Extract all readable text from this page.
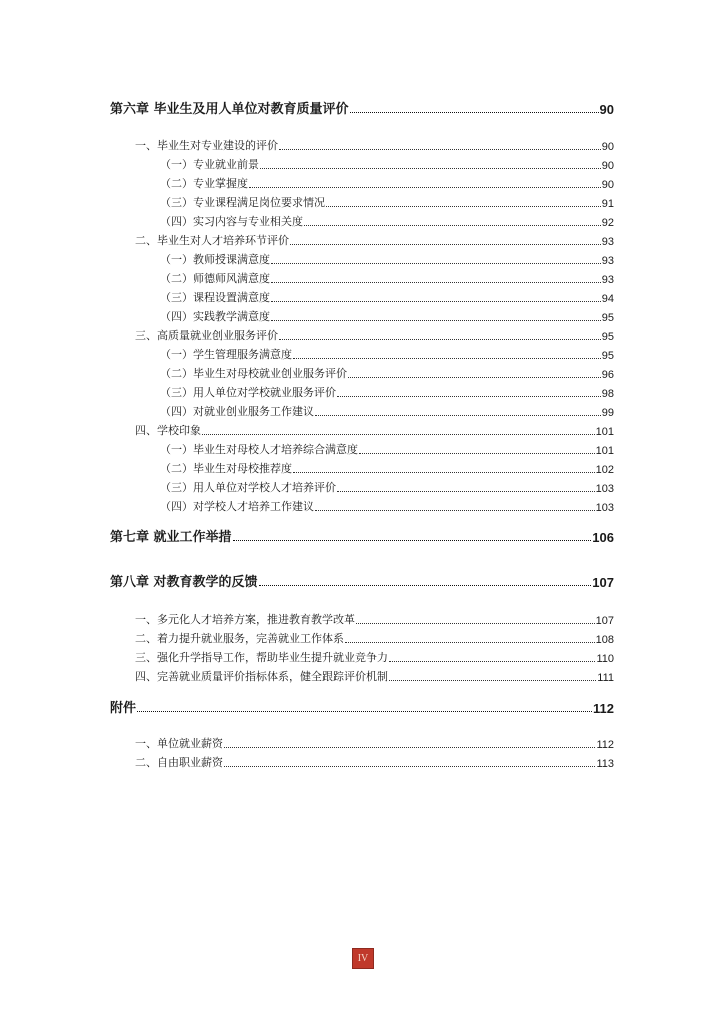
第六章 毕业生及用人单位对教育质量评价	90
一、毕业生对专业建设的评价	90
（一）专业就业前景	90
（二）专业掌握度	90
（三）专业课程满足岗位要求情况	91
（四）实习内容与专业相关度	92
二、毕业生对人才培养环节评价	93
（一）教师授课满意度	93
（二）师德师风满意度	93
（三）课程设置满意度	94
（四）实践教学满意度	95
三、高质量就业创业服务评价	95
（一）学生管理服务满意度	95
（二）毕业生对母校就业创业服务评价	96
（三）用人单位对学校就业服务评价	98
（四）对就业创业服务工作建议	99
四、学校印象	101
（一）毕业生对母校人才培养综合满意度	101
（二）毕业生对母校推荐度	102
（三）用人单位对学校人才培养评价	103
（四）对学校人才培养工作建议	103
第七章 就业工作举措	106
第八章 对教育教学的反馈	107
一、多元化人才培养方案，推进教育教学改革	107
二、着力提升就业服务，完善就业工作体系	108
三、强化升学指导工作，帮助毕业生提升就业竞争力	110
四、完善就业质量评价指标体系，健全跟踪评价机制	111
附件	112
一、单位就业薪资	112
二、自由职业薪资	113
IV
